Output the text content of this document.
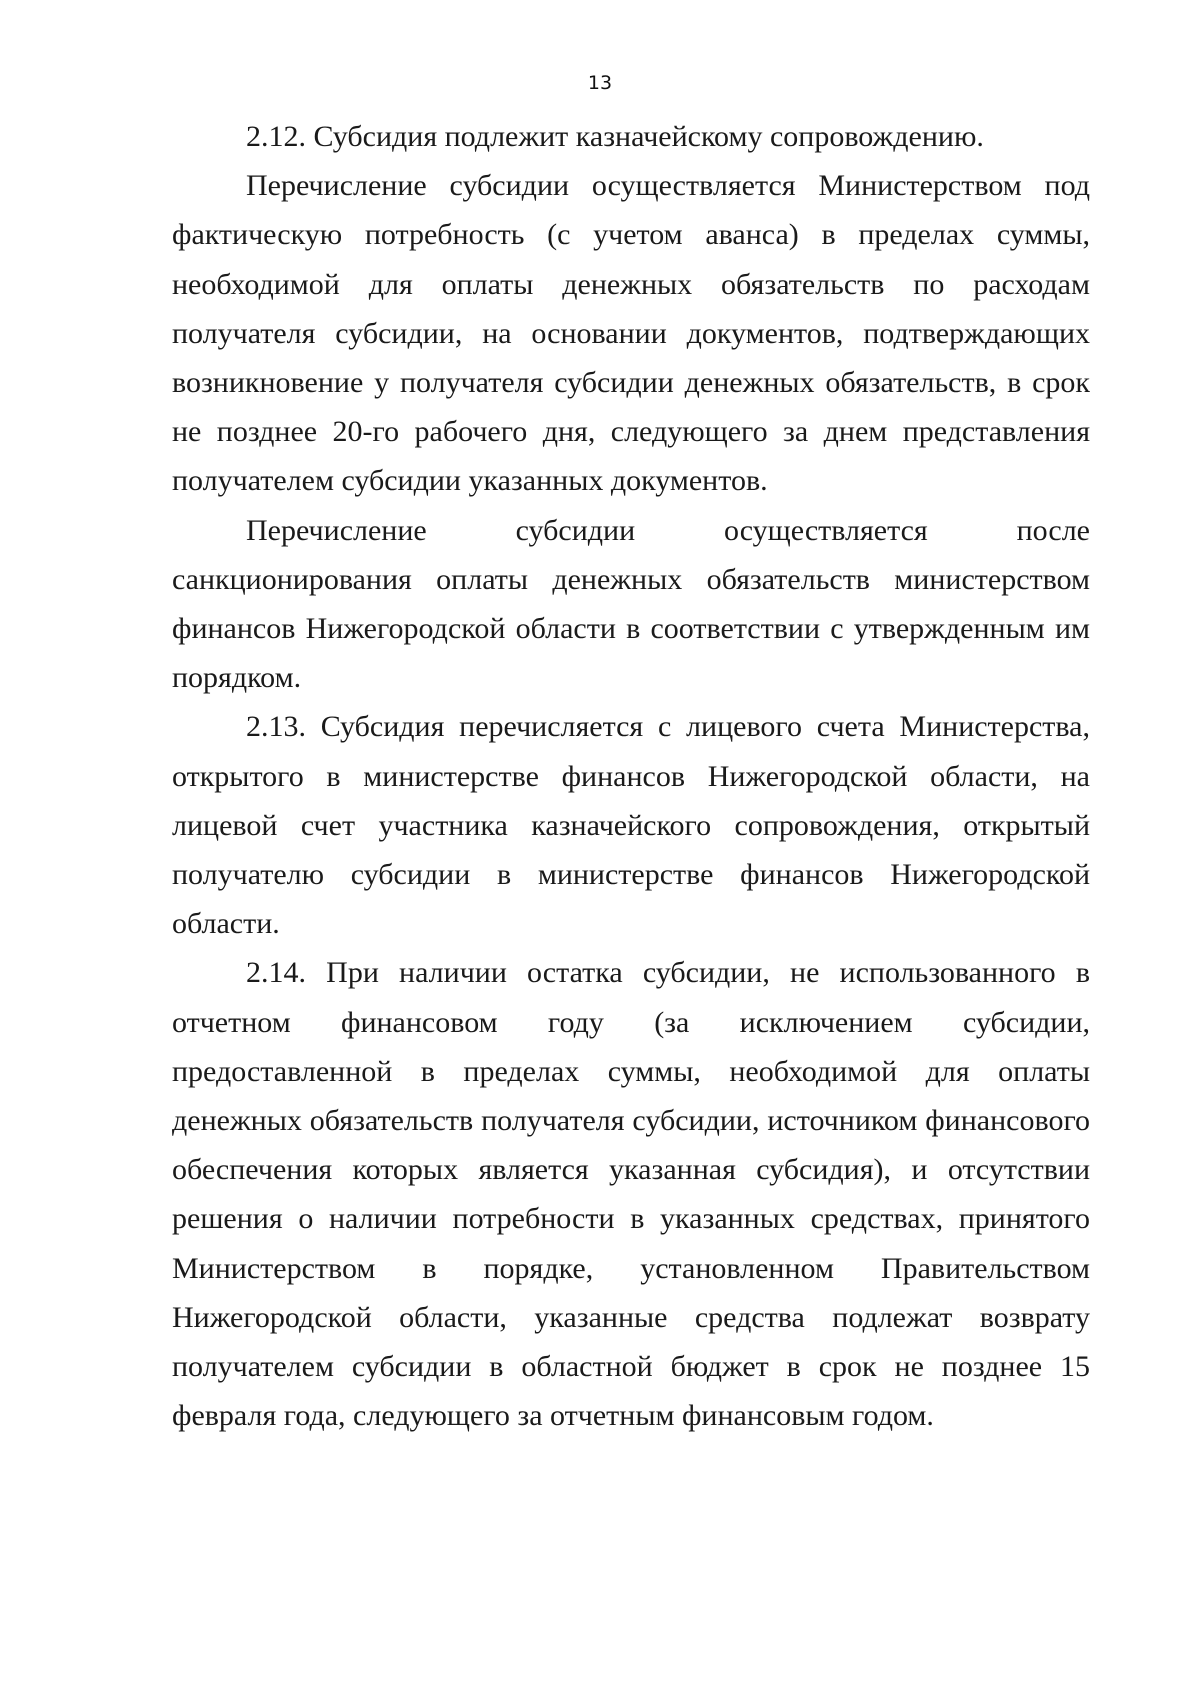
13

2.12. Субсидия подлежит казначейскому сопровождению.

Перечисление субсидии осуществляется Министерством под фактическую потребность (с учетом аванса) в пределах суммы, необходимой для оплаты денежных обязательств по расходам получателя субсидии, на основании документов, подтверждающих возникновение у получателя субсидии денежных обязательств, в срок не позднее 20-го рабочего дня, следующего за днем представления получателем субсидии указанных документов.

Перечисление субсидии осуществляется после санкционирования оплаты денежных обязательств министерством финансов Нижегородской области в соответствии с утвержденным им порядком.

2.13. Субсидия перечисляется с лицевого счета Министерства, открытого в министерстве финансов Нижегородской области, на лицевой счет участника казначейского сопровождения, открытый получателю субсидии в министерстве финансов Нижегородской области.

2.14. При наличии остатка субсидии, не использованного в отчетном финансовом году (за исключением субсидии, предоставленной в пределах суммы, необходимой для оплаты денежных обязательств получателя субсидии, источником финансового обеспечения которых является указанная субсидия), и отсутствии решения о наличии потребности в указанных средствах, принятого Министерством в порядке, установленном Правительством Нижегородской области, указанные средства подлежат возврату получателем субсидии в областной бюджет в срок не позднее 15 февраля года, следующего за отчетным финансовым годом.
